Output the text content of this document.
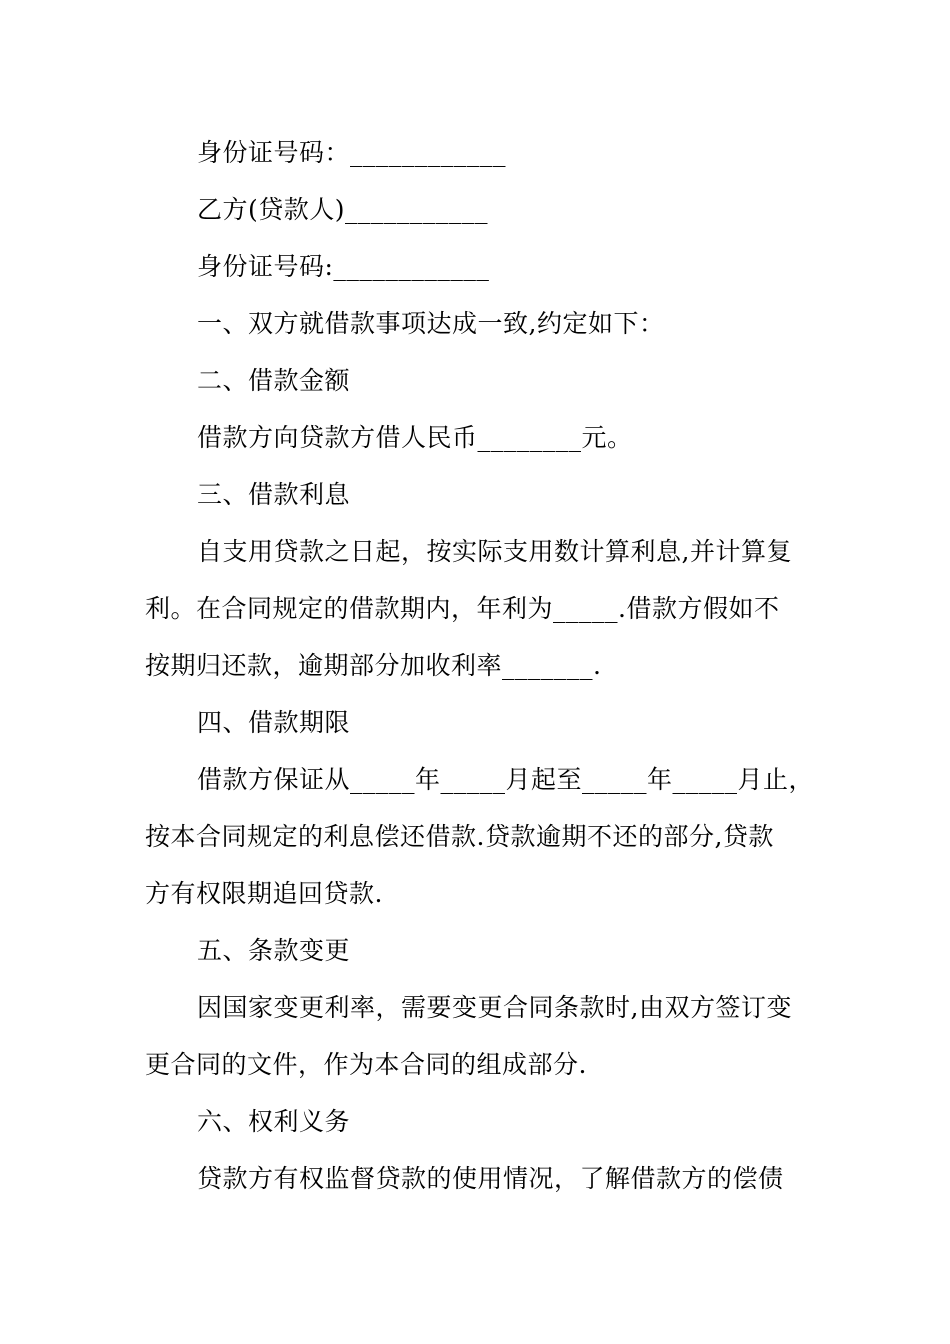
身份证号码：____________
乙方(贷款人)___________
身份证号码:____________
一、双方就借款事项达成一致,约定如下：
二、借款金额
借款方向贷款方借人民币________元。
三、借款利息
自支用贷款之日起，按实际支用数计算利息,并计算复
利。在合同规定的借款期内，年利为_____.借款方假如不
按期归还款，逾期部分加收利率_______.
四、借款期限
借款方保证从_____年_____月起至_____年_____月止，
按本合同规定的利息偿还借款.贷款逾期不还的部分,贷款
方有权限期追回贷款.
五、条款变更
因国家变更利率，需要变更合同条款时,由双方签订变
更合同的文件，作为本合同的组成部分.
六、权利义务
贷款方有权监督贷款的使用情况，了解借款方的偿债
